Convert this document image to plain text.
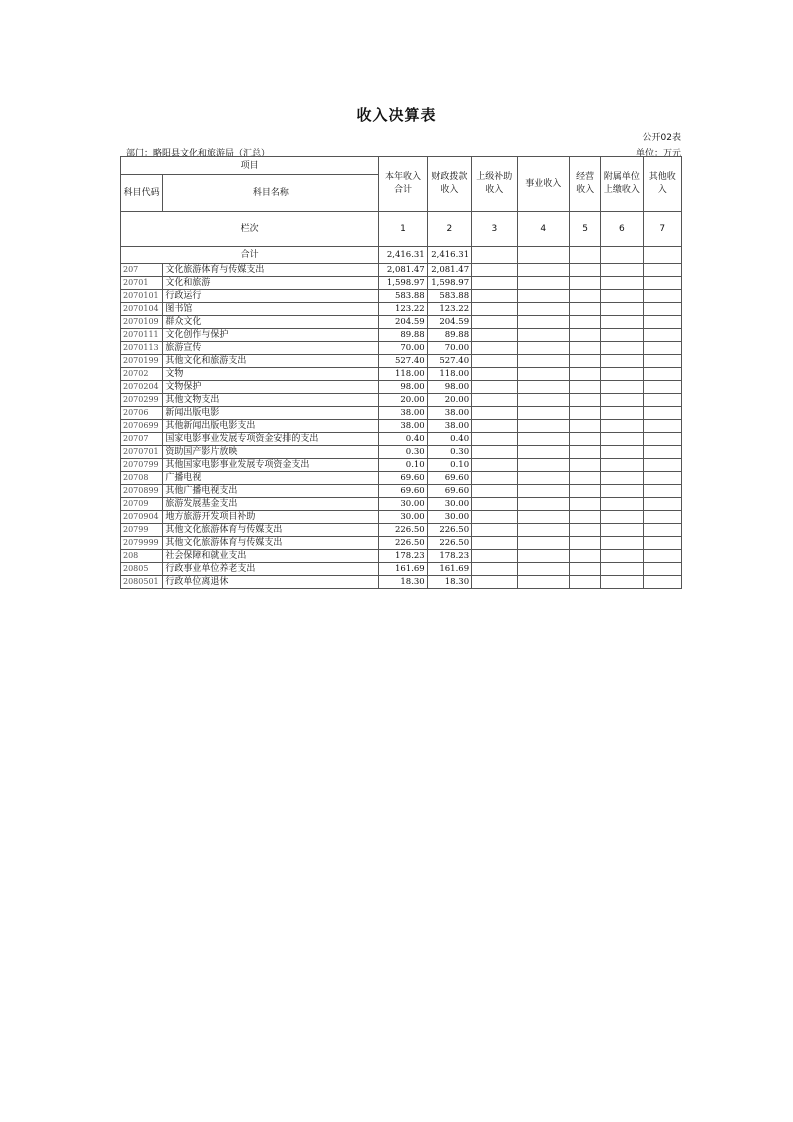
收入决算表
公开02表
部门：略阳县文化和旅游局（汇总）	单位：万元
项目		本年收入合计	财政拨款收入	上级补助收入	事业收入	经营收入	附属单位上缴收入	其他收入
科目代码	科目名称							
栏次		1	2	3	4	5	6	7
合计		2,416.31	2,416.31					
207	文化旅游体育与传媒支出	2,081.47	2,081.47					
20701	文化和旅游	1,598.97	1,598.97					
2070101	行政运行	583.88	583.88					
2070104	图书馆	123.22	123.22					
2070109	群众文化	204.59	204.59					
2070111	文化创作与保护	89.88	89.88					
2070113	旅游宣传	70.00	70.00					
2070199	其他文化和旅游支出	527.40	527.40					
20702	文物	118.00	118.00					
2070204	文物保护	98.00	98.00					
2070299	其他文物支出	20.00	20.00					
20706	新闻出版电影	38.00	38.00					
2070699	其他新闻出版电影支出	38.00	38.00					
20707	国家电影事业发展专项资金安排的支出	0.40	0.40					
2070701	资助国产影片放映	0.30	0.30					
2070799	其他国家电影事业发展专项资金支出	0.10	0.10					
20708	广播电视	69.60	69.60					
2070899	其他广播电视支出	69.60	69.60					
20709	旅游发展基金支出	30.00	30.00					
2070904	地方旅游开发项目补助	30.00	30.00					
20799	其他文化旅游体育与传媒支出	226.50	226.50					
2079999	其他文化旅游体育与传媒支出	226.50	226.50					
208	社会保障和就业支出	178.23	178.23					
20805	行政事业单位养老支出	161.69	161.69					
2080501	行政单位离退休	18.30	18.30					
